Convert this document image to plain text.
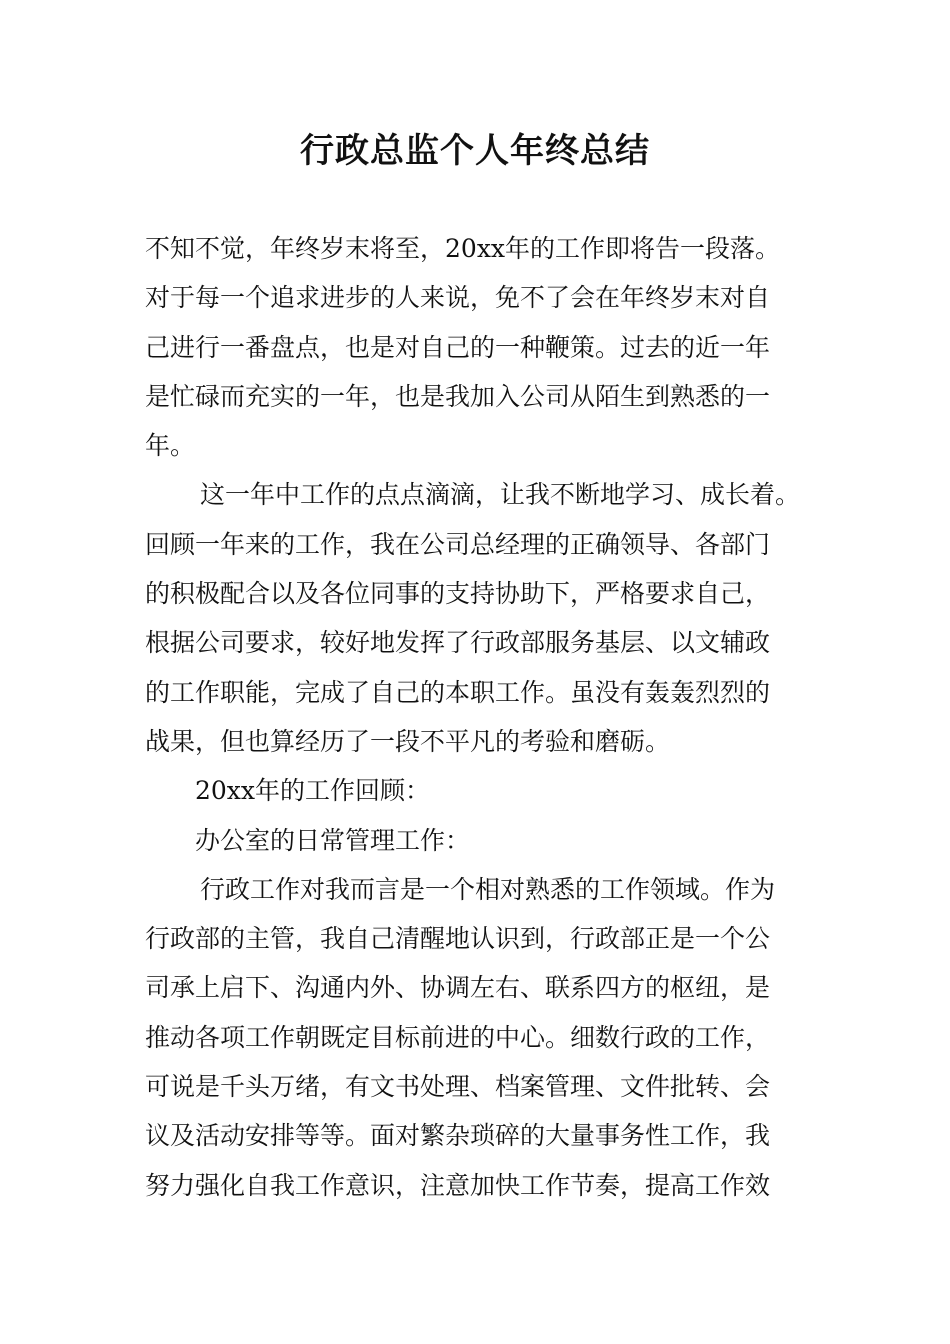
行政总监个人年终总结
不知不觉，年终岁末将至，20xx年的工作即将告一段落。
对于每一个追求进步的人来说，免不了会在年终岁末对自
己进行一番盘点，也是对自己的一种鞭策。过去的近一年
是忙碌而充实的一年，也是我加入公司从陌生到熟悉的一
年。
这一年中工作的点点滴滴，让我不断地学习、成长着。
回顾一年来的工作，我在公司总经理的正确领导、各部门
的积极配合以及各位同事的支持协助下，严格要求自己，
根据公司要求，较好地发挥了行政部服务基层、以文辅政
的工作职能，完成了自己的本职工作。虽没有轰轰烈烈的
战果，但也算经历了一段不平凡的考验和磨砺。
20xx年的工作回顾：
办公室的日常管理工作：
行政工作对我而言是一个相对熟悉的工作领域。作为
行政部的主管，我自己清醒地认识到，行政部正是一个公
司承上启下、沟通内外、协调左右、联系四方的枢纽，是
推动各项工作朝既定目标前进的中心。细数行政的工作，
可说是千头万绪，有文书处理、档案管理、文件批转、会
议及活动安排等等。面对繁杂琐碎的大量事务性工作，我
努力强化自我工作意识，注意加快工作节奏，提高工作效
